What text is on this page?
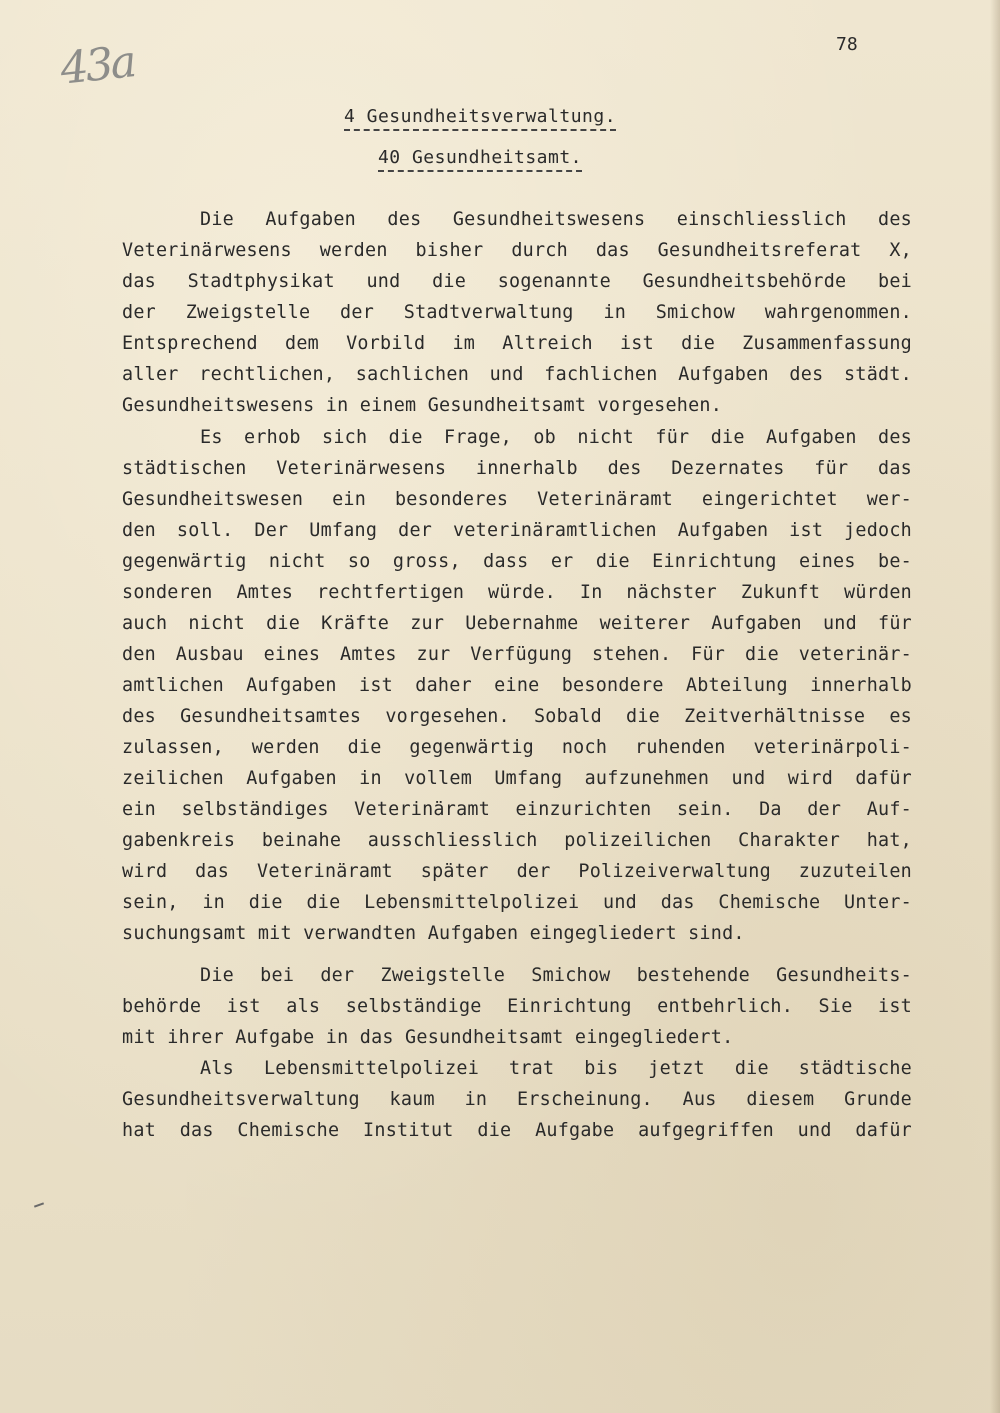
78
43a
4 Gesundheitsverwaltung.
40 Gesundheitsamt.
Die Aufgaben des Gesundheitswesens einschliesslich des
Veterinärwesens werden bisher durch das Gesundheitsreferat X,
das Stadtphysikat und die sogenannte Gesundheitsbehörde bei
der Zweigstelle der Stadtverwaltung in Smichow wahrgenommen.
Entsprechend dem Vorbild im Altreich ist die Zusammenfassung
aller rechtlichen, sachlichen und fachlichen Aufgaben des städt.
Gesundheitswesens in einem Gesundheitsamt vorgesehen.
Es erhob sich die Frage, ob nicht für die Aufgaben des
städtischen Veterinärwesens innerhalb des Dezernates für das
Gesundheitswesen ein besonderes Veterinäramt eingerichtet wer-
den soll. Der Umfang der veterinäramtlichen Aufgaben ist jedoch
gegenwärtig nicht so gross, dass er die Einrichtung eines be-
sonderen Amtes rechtfertigen würde. In nächster Zukunft würden
auch nicht die Kräfte zur Uebernahme weiterer Aufgaben und für
den Ausbau eines Amtes zur Verfügung stehen. Für die veterinär-
amtlichen Aufgaben ist daher eine besondere Abteilung innerhalb
des Gesundheitsamtes vorgesehen. Sobald die Zeitverhältnisse es
zulassen, werden die gegenwärtig noch ruhenden veterinärpoli-
zeilichen Aufgaben in vollem Umfang aufzunehmen und wird dafür
ein selbständiges Veterinäramt einzurichten sein. Da der Auf-
gabenkreis beinahe ausschliesslich polizeilichen Charakter hat,
wird das Veterinäramt später der Polizeiverwaltung zuzuteilen
sein, in die die Lebensmittelpolizei und das Chemische Unter-
suchungsamt mit verwandten Aufgaben eingegliedert sind.
Die bei der Zweigstelle Smichow bestehende Gesundheits-
behörde ist als selbständige Einrichtung entbehrlich. Sie ist
mit ihrer Aufgabe in das Gesundheitsamt eingegliedert.
Als Lebensmittelpolizei trat bis jetzt die städtische
Gesundheitsverwaltung kaum in Erscheinung. Aus diesem Grunde
hat das Chemische Institut die Aufgabe aufgegriffen und dafür
